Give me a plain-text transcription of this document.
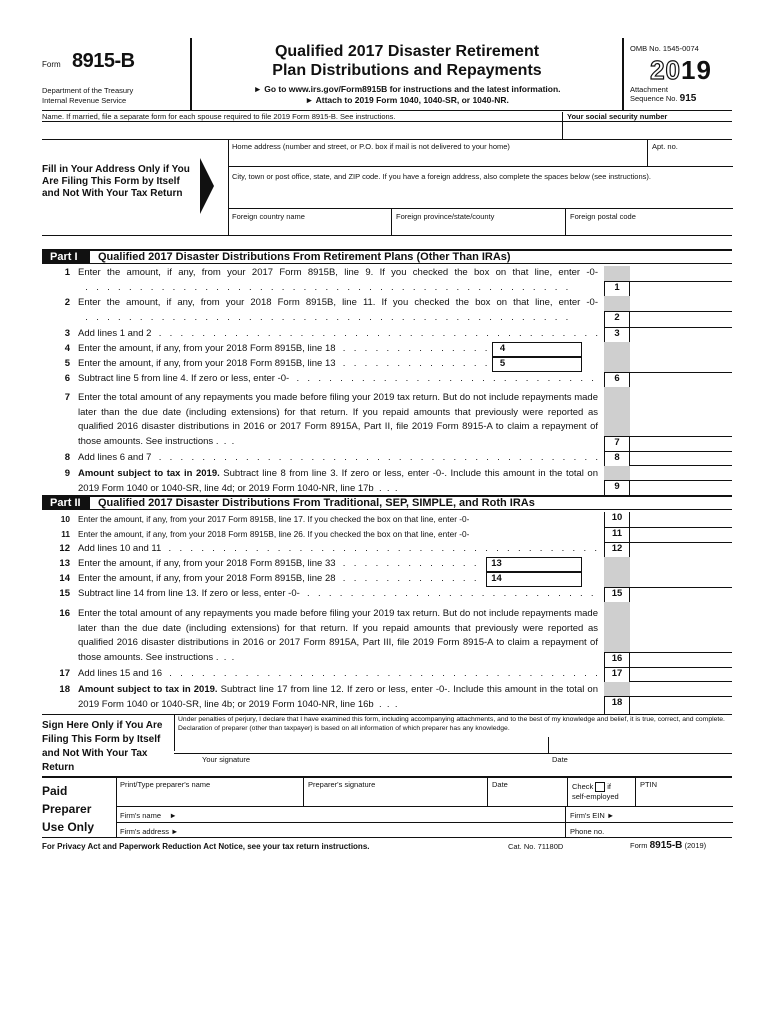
Form 8915-B
Department of the Treasury
Internal Revenue Service
Qualified 2017 Disaster Retirement
Plan Distributions and Repayments
► Go to www.irs.gov/Form8915B for instructions and the latest information.
► Attach to 2019 Form 1040, 1040-SR, or 1040-NR.
OMB No. 1545-0074
2019
Attachment
Sequence No. 915
Name. If married, file a separate form for each spouse required to file 2019 Form 8915-B. See instructions.	Your social security number
Fill in Your Address Only if You Are Filing This Form by Itself and Not With Your Tax Return
Home address (number and street, or P.O. box if mail is not delivered to your home)	Apt. no.
City, town or post office, state, and ZIP code. If you have a foreign address, also complete the spaces below (see instructions).
Foreign country name	Foreign province/state/county	Foreign postal code
Part I	Qualified 2017 Disaster Distributions From Retirement Plans (Other Than IRAs)
1 Enter the amount, if any, from your 2017 Form 8915B, line 9. If you checked the box on that line, enter -0- . .
2 Enter the amount, if any, from your 2018 Form 8915B, line 11. If you checked the box on that line, enter -0- . .
3 Add lines 1 and 2 . .
4 Enter the amount, if any, from your 2018 Form 8915B, line 18 . .
5 Enter the amount, if any, from your 2018 Form 8915B, line 13 . .
6 Subtract line 5 from line 4. If zero or less, enter -0- . .
7 Enter the total amount of any repayments you made before filing your 2019 tax return. But do not include repayments made later than the due date (including extensions) for that return. If you repaid amounts that previously were reported as qualified 2016 disaster distributions in 2016 or 2017 Form 8915A, Part II, file 2019 Form 8915-A to claim a repayment of those amounts. See instructions .  .  .
8 Add lines 6 and 7 . .
9 Amount subject to tax in 2019. Subtract line 8 from line 3. If zero or less, enter -0-. Include this amount in the total on 2019 Form 1040 or 1040-SR, line 4d; or 2019 Form 1040-NR, line 17b  .  .  .
1
2
3
6
7
8
9
4
5
Part II	Qualified 2017 Disaster Distributions From Traditional, SEP, SIMPLE, and Roth IRAs
10 Enter the amount, if any, from your 2017 Form 8915B, line 17. If you checked the box on that line, enter -0-
11 Enter the amount, if any, from your 2018 Form 8915B, line 26. If you checked the box on that line, enter -0-
12 Add lines 10 and 11 . .
13 Enter the amount, if any, from your 2018 Form 8915B, line 33 . .
14 Enter the amount, if any, from your 2018 Form 8915B, line 28 . .
15 Subtract line 14 from line 13. If zero or less, enter -0- . .
16 Enter the total amount of any repayments you made before filing your 2019 tax return. But do not include repayments made later than the due date (including extensions) for that return. If you repaid amounts that previously were reported as qualified 2016 disaster distributions in 2016 or 2017 Form 8915A, Part III, file 2019 Form 8915-A to claim a repayment of those amounts. See instructions .  .  .
17 Add lines 15 and 16 . .
18 Amount subject to tax in 2019. Subtract line 17 from line 12. If zero or less, enter -0-. Include this amount in the total on 2019 Form 1040 or 1040-SR, line 4b; or 2019 Form 1040-NR, line 16b  .  .  .
10
11
12
15
16
17
18
13
14
Sign Here Only if You Are Filing This Form by Itself and Not With Your Tax Return
Under penalties of perjury, I declare that I have examined this form, including accompanying attachments, and to the best of my knowledge and belief, it is true, correct, and complete. Declaration of preparer (other than taxpayer) is based on all information of which preparer has any knowledge.
Your signature	Date
Paid Preparer Use Only
Print/Type preparer's name	Preparer's signature	Date	Check if
self-employed
PTIN
Firm's name ►	Firm's EIN ►
Firm's address ►	Phone no.
For Privacy Act and Paperwork Reduction Act Notice, see your tax return instructions.	Cat. No. 71180D	Form 8915-B (2019)
